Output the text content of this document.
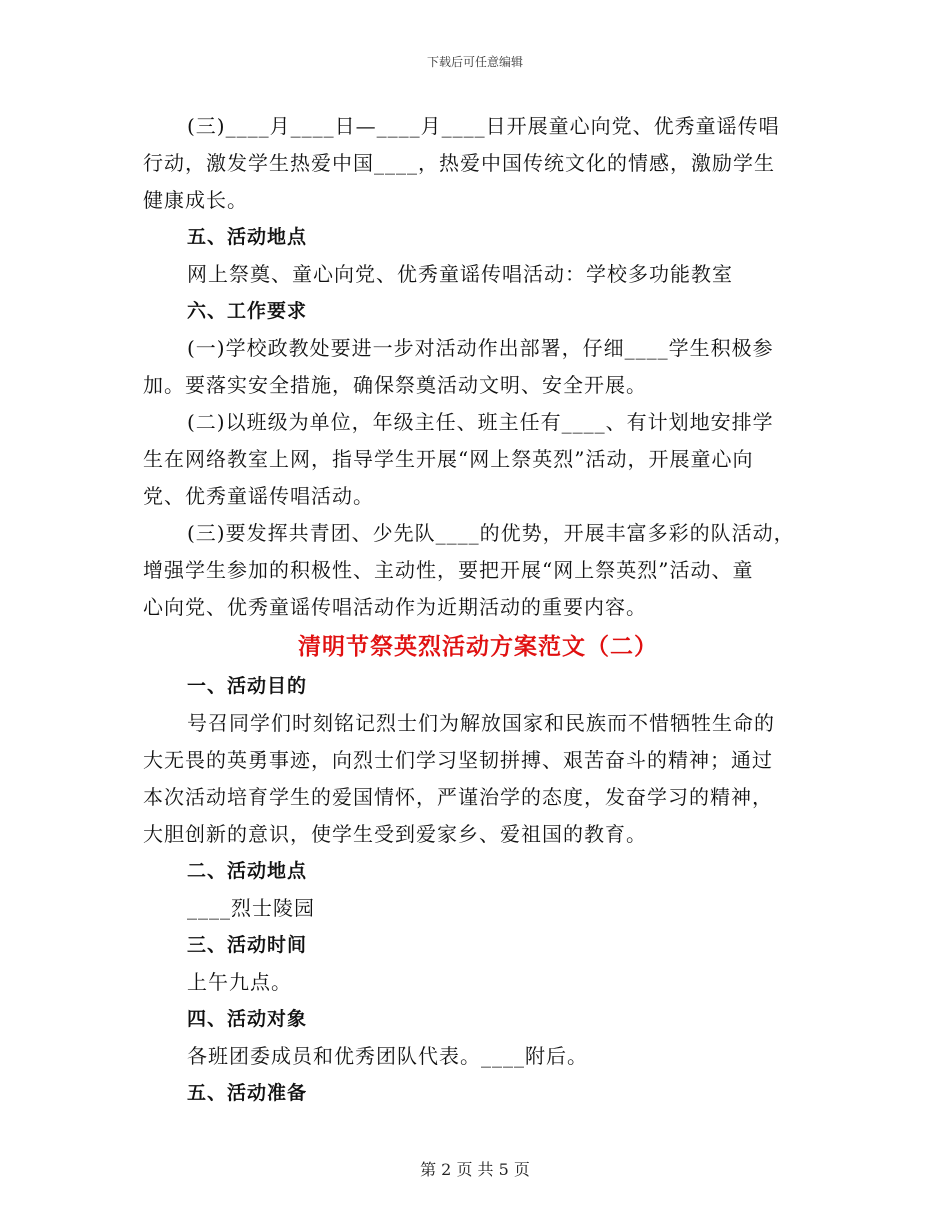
下载后可任意编辑
(三)____月____日—____月____日开展童心向党、优秀童谣传唱
行动，激发学生热爱中国____，热爱中国传统文化的情感，激励学生
健康成长。
五、活动地点
网上祭奠、童心向党、优秀童谣传唱活动：学校多功能教室
六、工作要求
(一)学校政教处要进一步对活动作出部署，仔细____学生积极参
加。要落实安全措施，确保祭奠活动文明、安全开展。
(二)以班级为单位，年级主任、班主任有____、有计划地安排学
生在网络教室上网，指导学生开展“网上祭英烈”活动，开展童心向
党、优秀童谣传唱活动。
(三)要发挥共青团、少先队____的优势，开展丰富多彩的队活动，
增强学生参加的积极性、主动性，要把开展“网上祭英烈”活动、童
心向党、优秀童谣传唱活动作为近期活动的重要内容。
清明节祭英烈活动方案范文（二）
一、活动目的
号召同学们时刻铭记烈士们为解放国家和民族而不惜牺牲生命的
大无畏的英勇事迹，向烈士们学习坚韧拼搏、艰苦奋斗的精神；通过
本次活动培育学生的爱国情怀，严谨治学的态度，发奋学习的精神，
大胆创新的意识，使学生受到爱家乡、爱祖国的教育。
二、活动地点
____烈士陵园
三、活动时间
上午九点。
四、活动对象
各班团委成员和优秀团队代表。____附后。
五、活动准备
第 2 页 共 5 页
